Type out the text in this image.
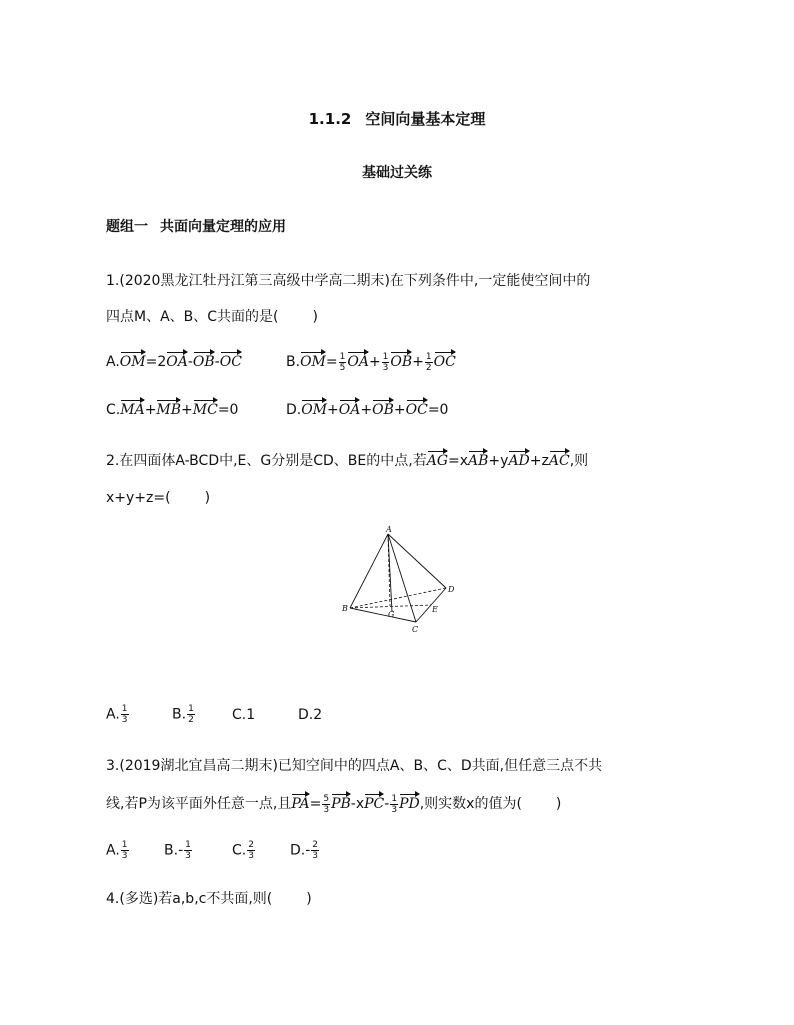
1.1.2 空间向量基本定理
基础过关练
题组一 共面向量定理的应用
1.(2020黑龙江牡丹江第三高级中学高二期末)在下列条件中,一定能使空间中的
四点M、A、B、C共面的是( )
A.OM=2OA-OB-OC	$B.OM= \frac{1}{5} OA+ \frac{1}{3} OB+ \frac{1}{2}$ OC
C.MA+MB+MC=0	D.OM+OA+OB+OC=0
2.在四面体A-BCD中,E、G分别是CD、BE的中点,若AG=xAB+yAD+zAC,则
x+y+z=( )
A
B
C
D
E
G
A. $\frac{1}{3}$	B. $\frac{1}{2}$	C.1	D.2
3.(2019湖北宜昌高二期末)已知空间中的四点A、B、C、D共面,但任意三点不共
线,若P为该平面外任意一点,且$PA= \frac{5}{3} PB-xPC- \frac{1}{3}$ PD,则实数x的值为( )
A. $\frac{1}{3}$	$B.- \frac{1}{3}$	C. $\frac{2}{3}$	$D.- \frac{2}{3}$
4.(多选)若a,b,c不共面,则( )
